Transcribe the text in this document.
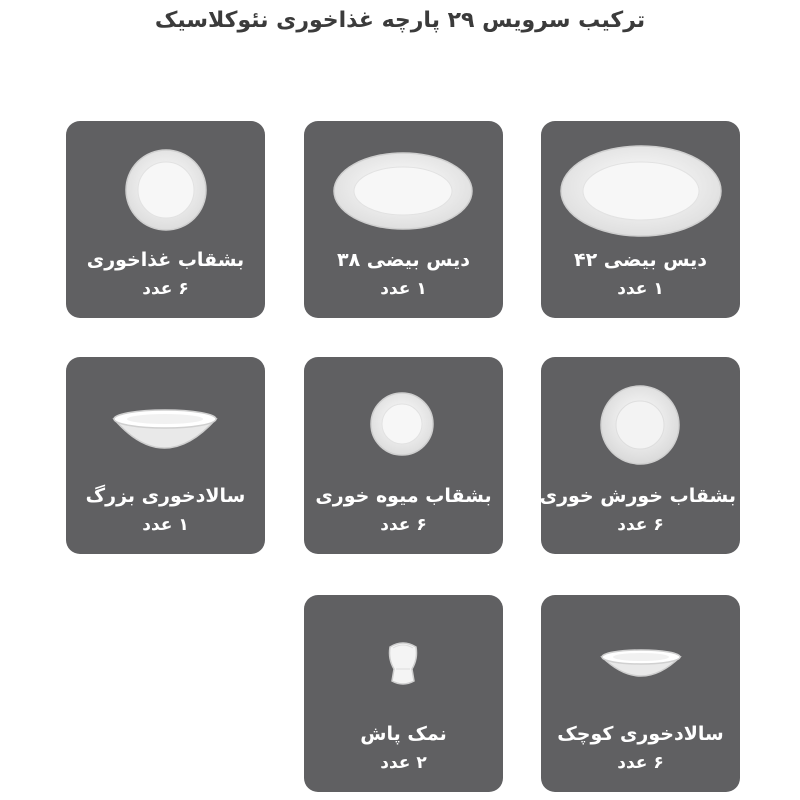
ترکیب سرویس ۲۹ پارچه غذاخوری نئوکلاسیک
دیس بیضی ۴۲
۱ عدد
دیس بیضی ۳۸
۱ عدد
بشقاب غذاخوری
۶ عدد
بشقاب خورش خوری
۶ عدد
بشقاب میوه خوری
۶ عدد
سالادخوری بزرگ
۱ عدد
سالادخوری کوچک
۶ عدد
نمک پاش
۲ عدد
